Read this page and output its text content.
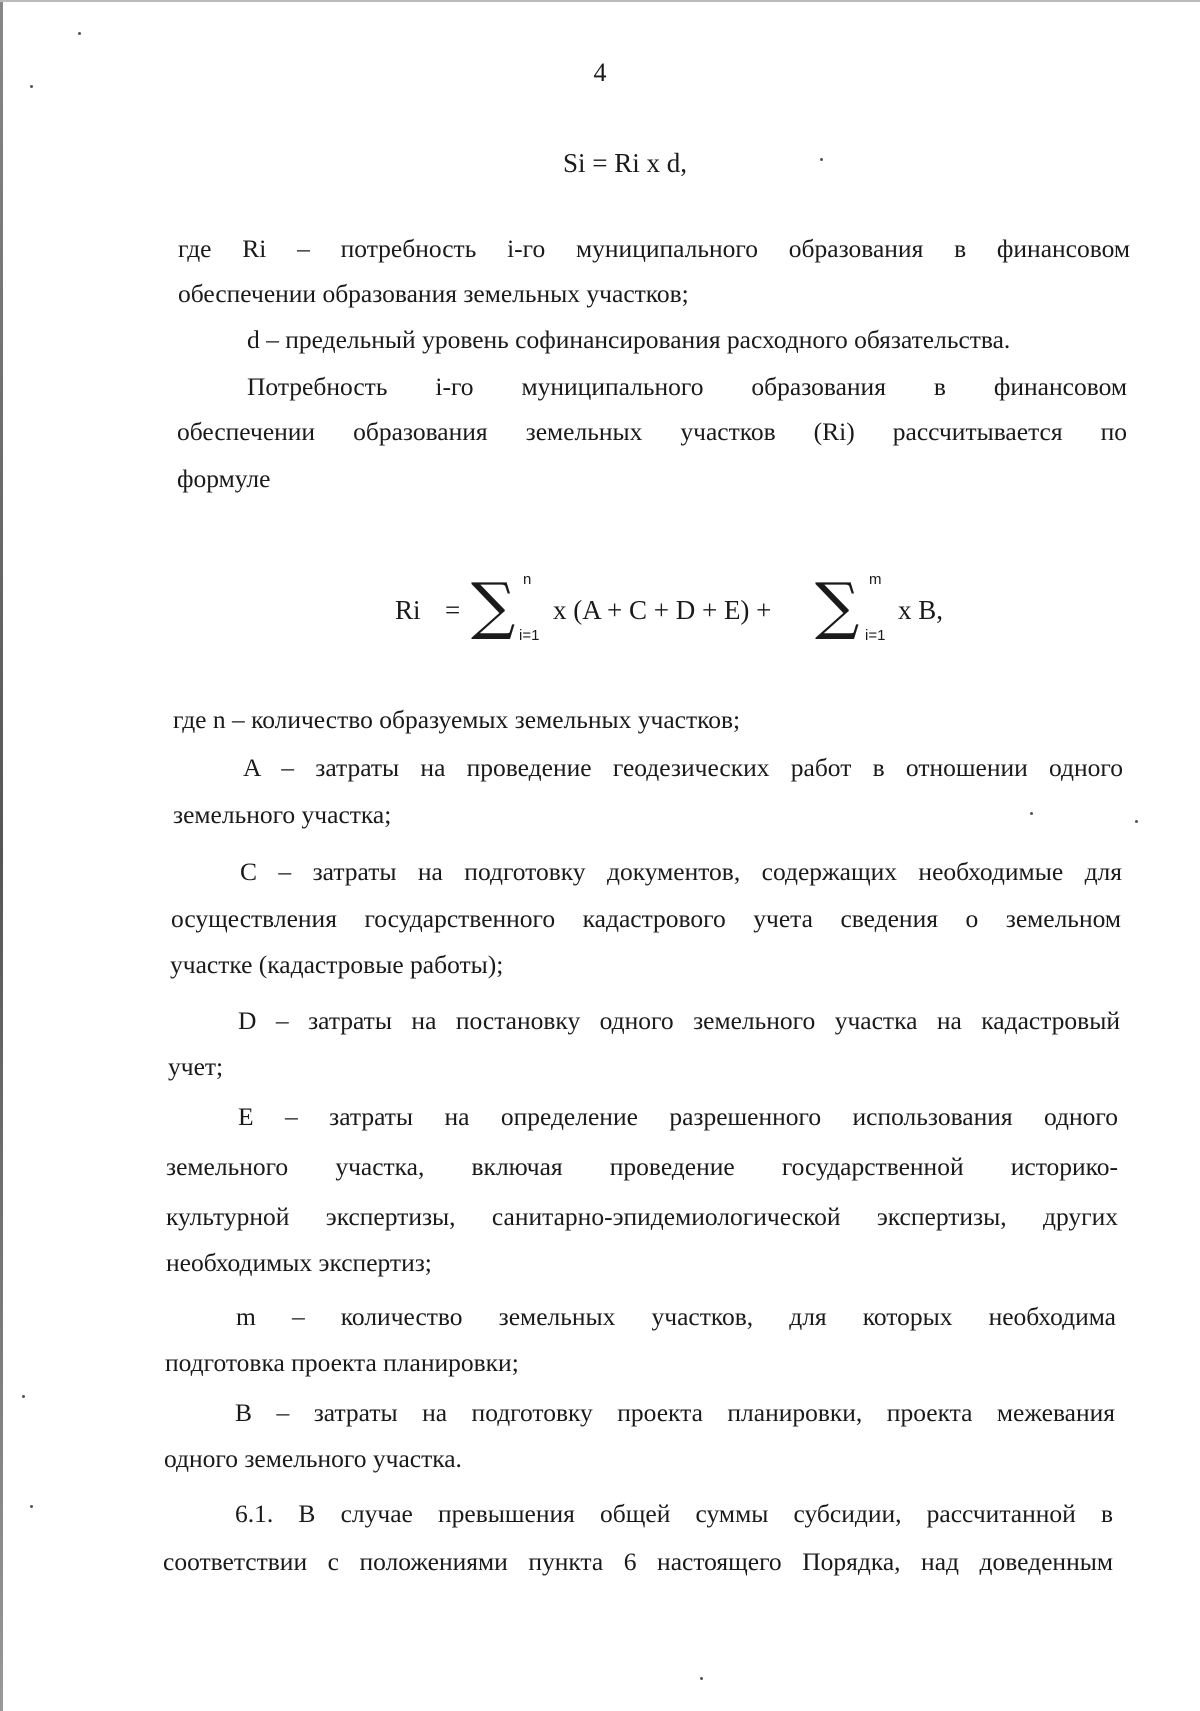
4
Si = Ri x d,
где Ri – потребность i-го муниципального образования в финансовом
обеспечении образования земельных участков;
d – предельный уровень софинансирования расходного обязательства.
Потребность i-го муниципального образования в финансовом
обеспечении образования земельных участков (Ri) рассчитывается по
формуле
Ri = ∑ n
i=1
x (A + C + D + E) + ∑ m
i=1
x B,
где n – количество образуемых земельных участков;
A – затраты на проведение геодезических работ в отношении одного
земельного участка;
C – затраты на подготовку документов, содержащих необходимые для
осуществления государственного кадастрового учета сведения о земельном
участке (кадастровые работы);
D – затраты на постановку одного земельного участка на кадастровый
учет;
E – затраты на определение разрешенного использования одного
земельного участка, включая проведение государственной историко-
культурной экспертизы, санитарно-эпидемиологической экспертизы, других
необходимых экспертиз;
m – количество земельных участков, для которых необходима
подготовка проекта планировки;
B – затраты на подготовку проекта планировки, проекта межевания
одного земельного участка.
6.1. В случае превышения общей суммы субсидии, рассчитанной в
соответствии с положениями пункта 6 настоящего Порядка, над доведенным
